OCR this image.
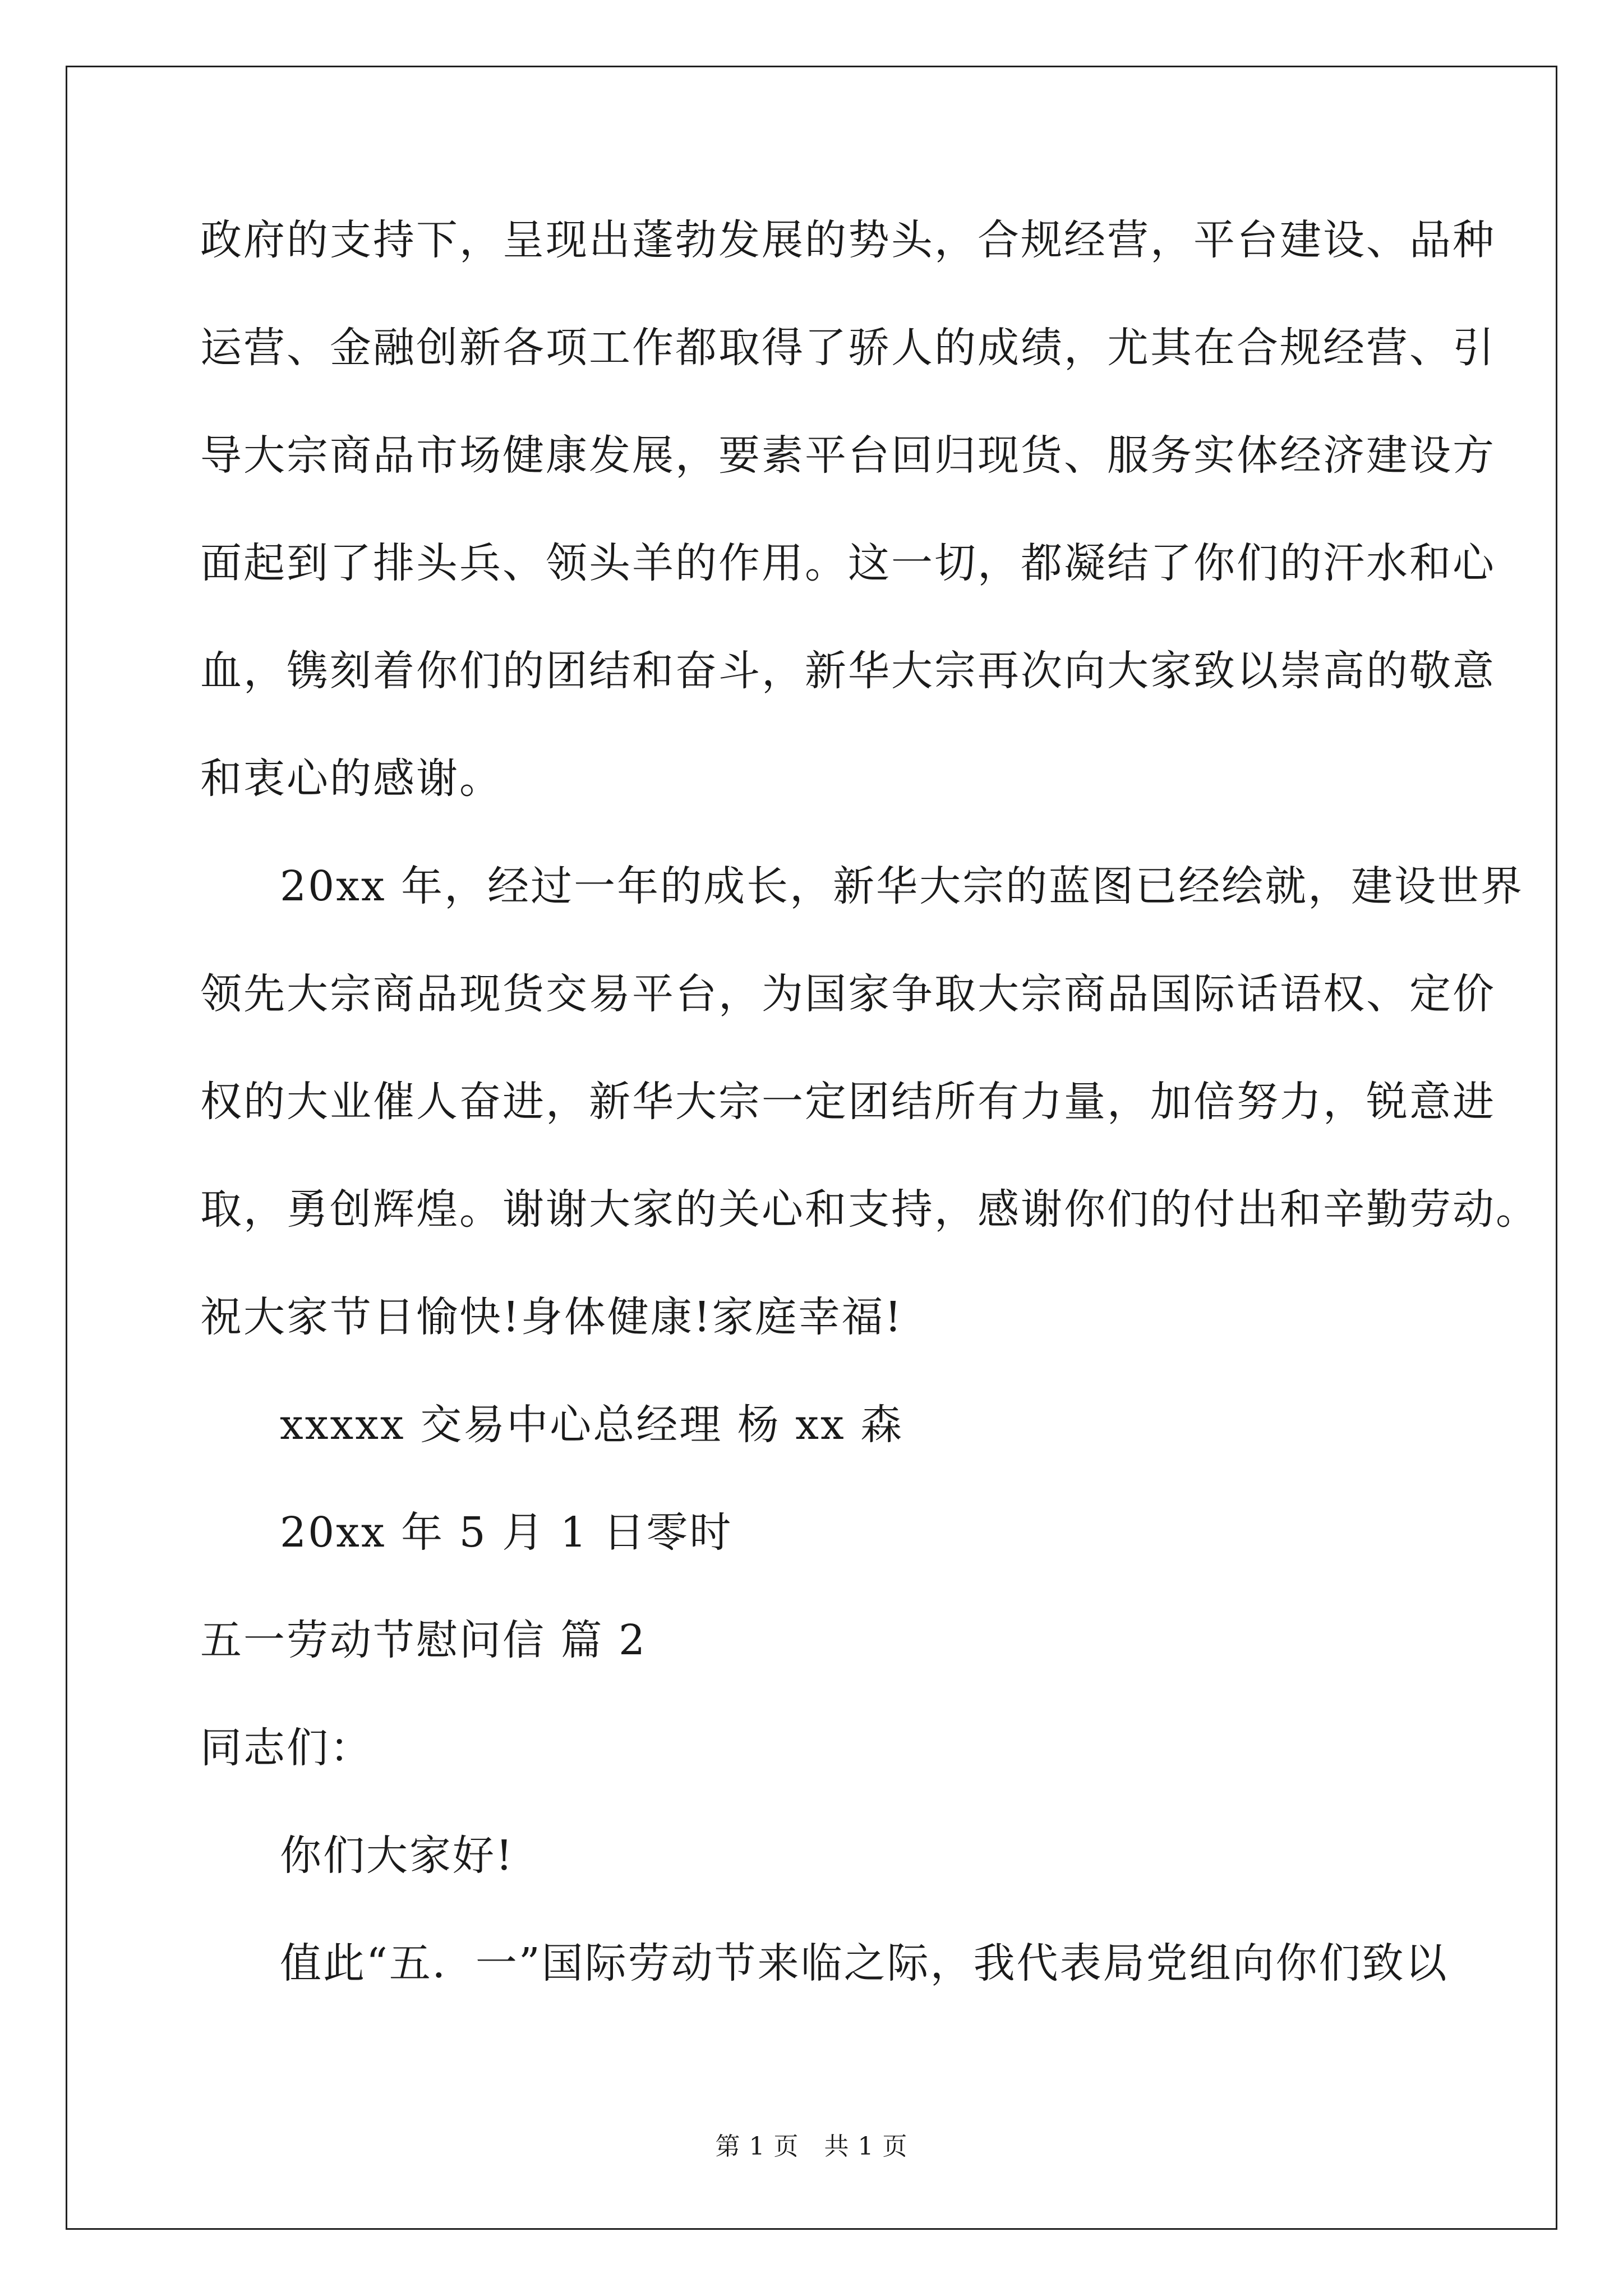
政府的支持下，呈现出蓬勃发展的势头，合规经营，平台建设、品种
运营、金融创新各项工作都取得了骄人的成绩，尤其在合规经营、引
导大宗商品市场健康发展，要素平台回归现货、服务实体经济建设方
面起到了排头兵、领头羊的作用。这一切，都凝结了你们的汗水和心
血，镌刻着你们的团结和奋斗，新华大宗再次向大家致以崇高的敬意
和衷心的感谢。
20xx 年，经过一年的成长，新华大宗的蓝图已经绘就，建设世界
领先大宗商品现货交易平台，为国家争取大宗商品国际话语权、定价
权的大业催人奋进，新华大宗一定团结所有力量，加倍努力，锐意进
取，勇创辉煌。谢谢大家的关心和支持，感谢你们的付出和辛勤劳动。
祝大家节日愉快!身体健康!家庭幸福!
xxxxx 交易中心总经理 杨 xx 森
20xx 年 5 月 1 日零时
五一劳动节慰问信 篇 2
同志们：
你们大家好!
值此“五．一”国际劳动节来临之际，我代表局党组向你们致以
第 1 页　共 1 页
